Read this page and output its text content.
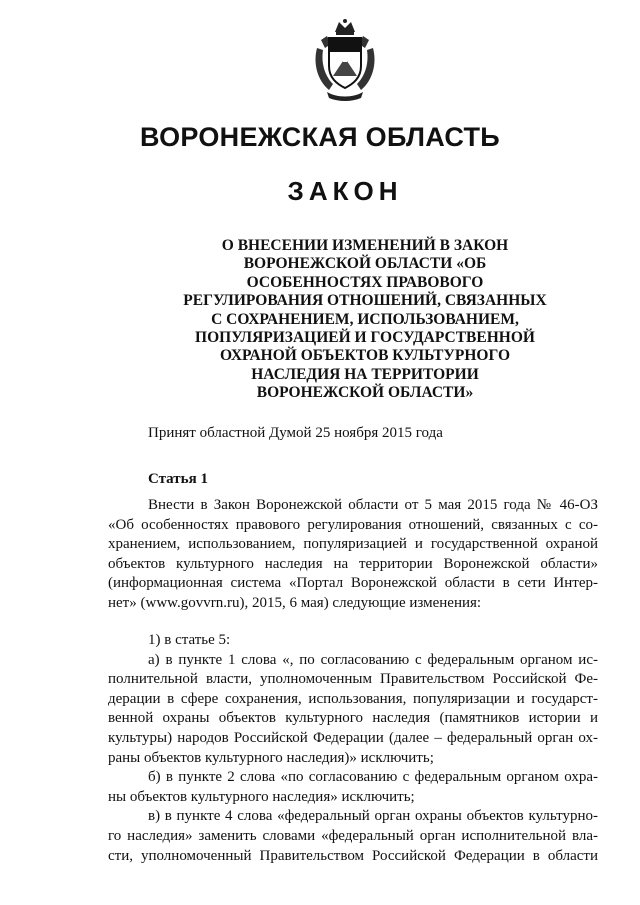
ВОРОНЕЖСКАЯ ОБЛАСТЬ
ЗАКОН
О ВНЕСЕНИИ ИЗМЕНЕНИЙ В ЗАКОН
ВОРОНЕЖСКОЙ ОБЛАСТИ «ОБ
ОСОБЕННОСТЯХ ПРАВОВОГО
РЕГУЛИРОВАНИЯ ОТНОШЕНИЙ, СВЯЗАННЫХ
С СОХРАНЕНИЕМ, ИСПОЛЬЗОВАНИЕМ,
ПОПУЛЯРИЗАЦИЕЙ И ГОСУДАРСТВЕННОЙ
ОХРАНОЙ ОБЪЕКТОВ КУЛЬТУРНОГО
НАСЛЕДИЯ НА ТЕРРИТОРИИ
ВОРОНЕЖСКОЙ ОБЛАСТИ»
Принят областной Думой 25 ноября 2015 года
Статья 1
Внести в Закон Воронежской области от 5 мая 2015 года № 46-ОЗ
«Об особенностях правового регулирования отношений, связанных с со-
хранением, использованием, популяризацией и государственной охраной
объектов культурного наследия на территории Воронежской области»
(информационная система «Портал Воронежской области в сети Интер-
нет» (www.govvrn.ru), 2015, 6 мая) следующие изменения:
1) в статье 5:
а) в пункте 1 слова «, по согласованию с федеральным органом ис-
полнительной власти, уполномоченным Правительством Российской Фе-
дерации в сфере сохранения, использования, популяризации и государст-
венной охраны объектов культурного наследия (памятников истории и
культуры) народов Российской Федерации (далее – федеральный орган ох-
раны объектов культурного наследия)» исключить;
б) в пункте 2 слова «по согласованию с федеральным органом охра-
ны объектов культурного наследия» исключить;
в) в пункте 4 слова «федеральный орган охраны объектов культурно-
го наследия» заменить словами «федеральный орган исполнительной вла-
сти, уполномоченный Правительством Российской Федерации в области
